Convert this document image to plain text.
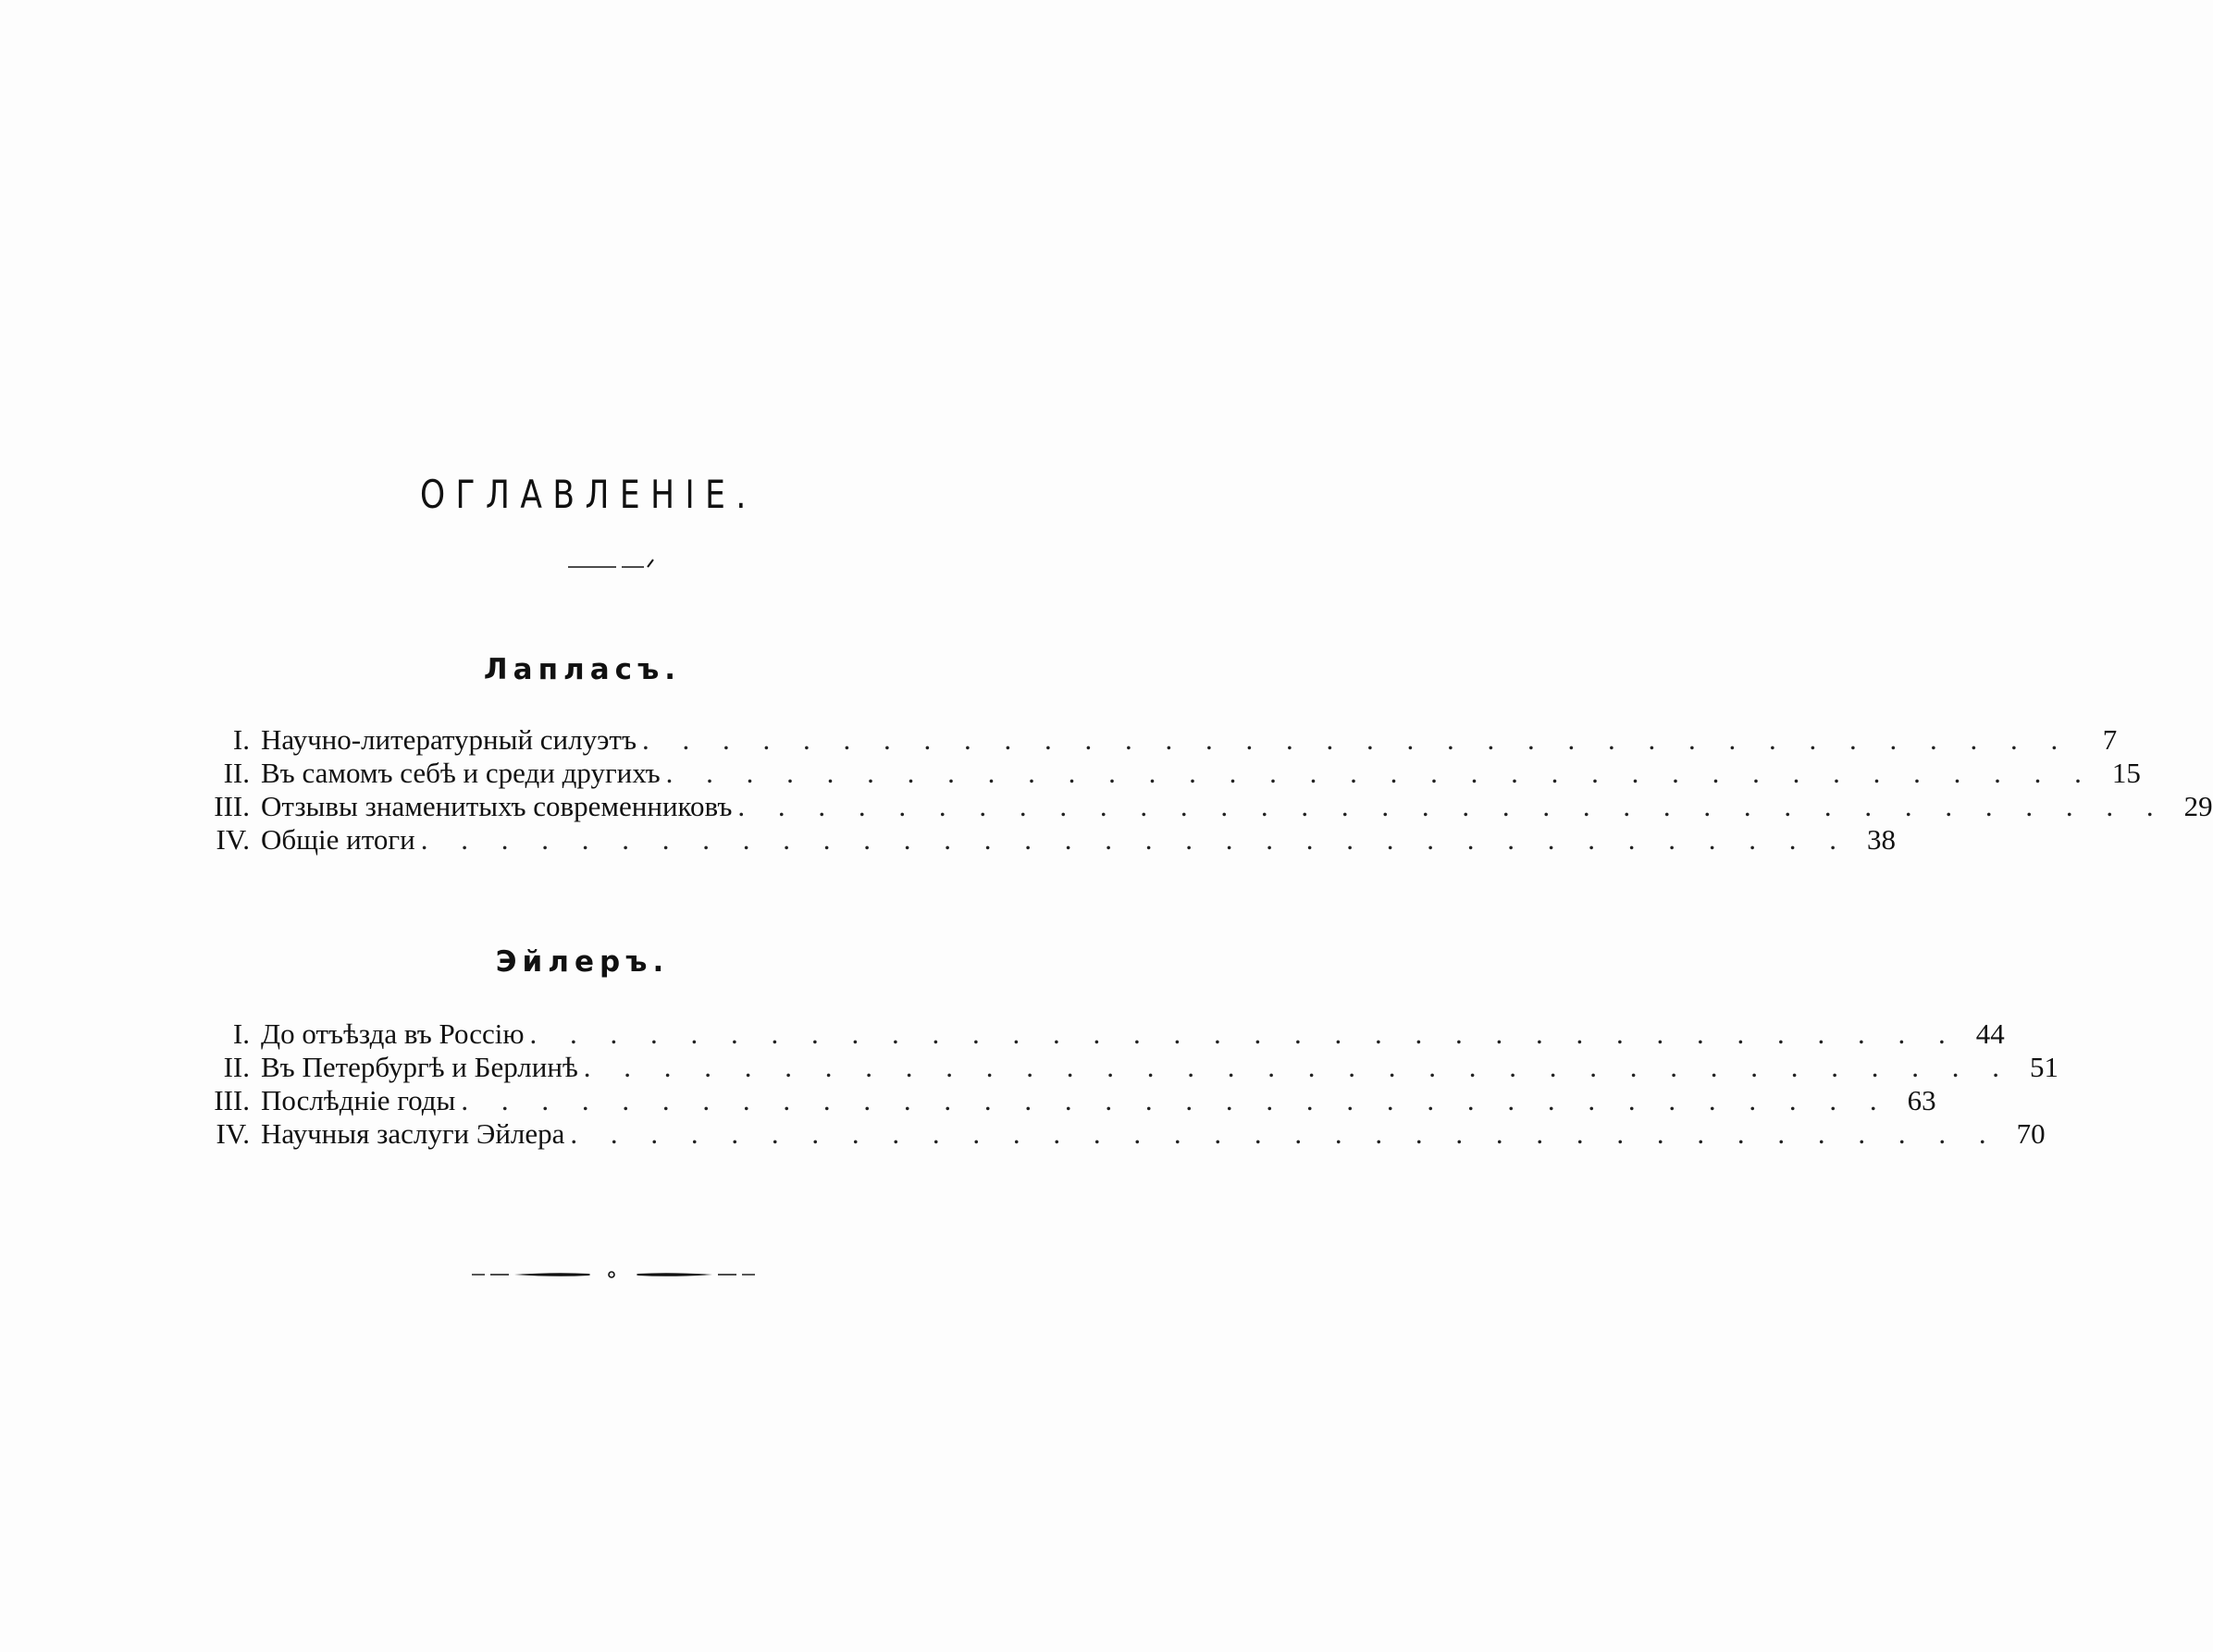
ОГЛАВЛЕНІЕ.
Лапласъ.
I. Научно-литературный силуэтъ . . . . . . . . . . . . . . . . . . . . . . . . . . . . . . . . . . . .	7
II. Въ самомъ себѣ и среди другихъ . . . . . . . . . . . . . . . . . . . . . . . . . . . . . . . . . . . . 15
III. Отзывы знаменитыхъ современниковъ . . . . . . . . . . . . . . . . . . . . . . . . . . . . . . . . . . . . 29
IV. Общіе итоги . . . . . . . . . . . . . . . . . . . . . . . . . . . . . . . . . . . . 38
Эйлеръ.
I. До отъѣзда въ Россію . . . . . . . . . . . . . . . . . . . . . . . . . . . . . . . . . . . . 44
II. Въ Петербургѣ и Берлинѣ . . . . . . . . . . . . . . . . . . . . . . . . . . . . . . . . . . . . 51
III. Послѣдніе годы . . . . . . . . . . . . . . . . . . . . . . . . . . . . . . . . . . . . 63
IV. Научныя заслуги Эйлера . . . . . . . . . . . . . . . . . . . . . . . . . . . . . . . . . . . . 70
